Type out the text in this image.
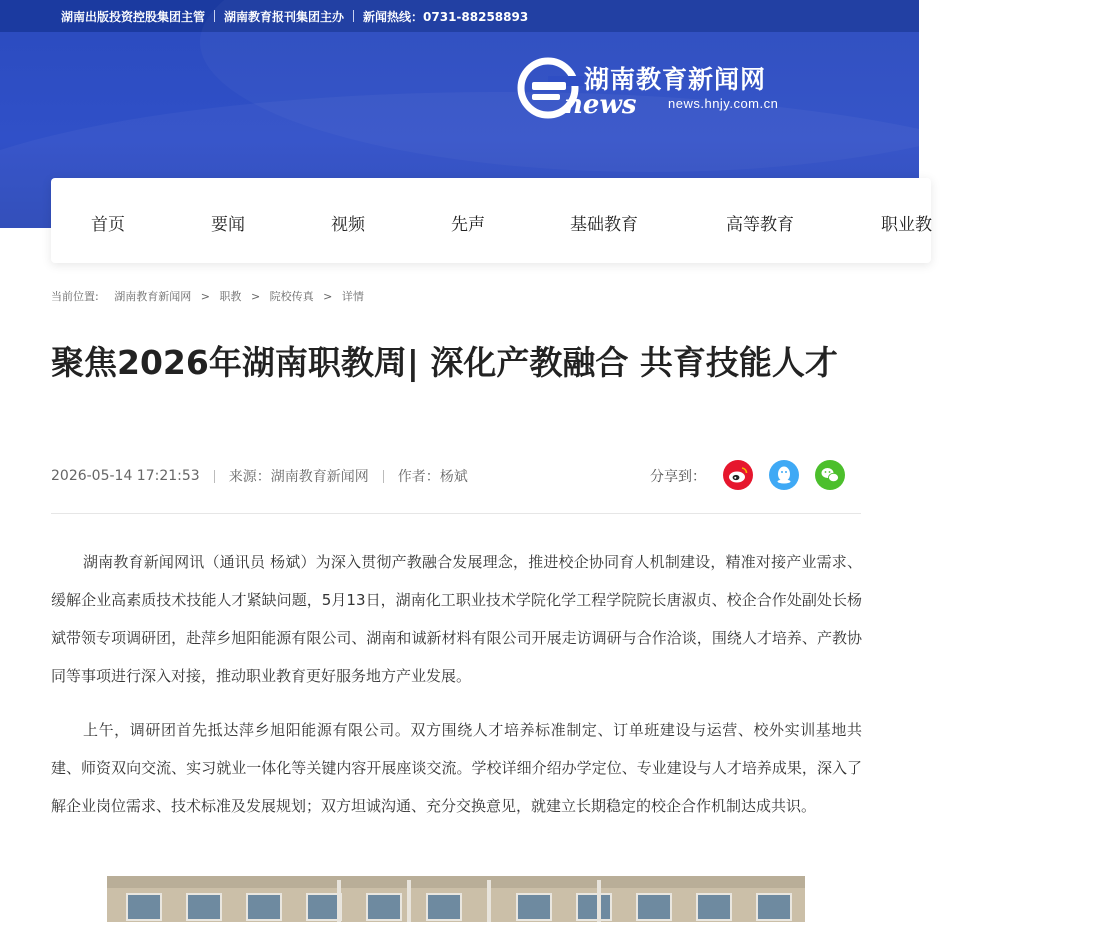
湖南出版投资控股集团主管 湖南教育报刊集团主办 新闻热线：0731-88258893
湖南教育新闻网
news news.hnjy.com.cn
首页	要闻	视频	先声	基础教育	高等教育	职业教
当前位置: 湖南教育新闻网 > 职教 > 院校传真 > 详情
聚焦2026年湖南职教周| 深化产教融合 共育技能人才
2026-05-14 17:21:53 来源：湖南教育新闻网 作者：杨斌	分享到：

湖南教育新闻网讯（通讯员 杨斌）为深入贯彻产教融合发展理念，推进校企协同育人机制建设，精准对接产业需求、缓解企业高素质技术技能人才紧缺问题，5月13日，湖南化工职业技术学院化学工程学院院长唐淑贞、校企合作处副处长杨斌带领专项调研团，赴萍乡旭阳能源有限公司、湖南和诚新材料有限公司开展走访调研与合作洽谈，围绕人才培养、产教协同等事项进行深入对接，推动职业教育更好服务地方产业发展。

上午，调研团首先抵达萍乡旭阳能源有限公司。双方围绕人才培养标准制定、订单班建设与运营、校外实训基地共建、师资双向交流、实习就业一体化等关键内容开展座谈交流。学校详细介绍办学定位、专业建设与人才培养成果，深入了解企业岗位需求、技术标准及发展规划；双方坦诚沟通、充分交换意见，就建立长期稳定的校企合作机制达成共识。
